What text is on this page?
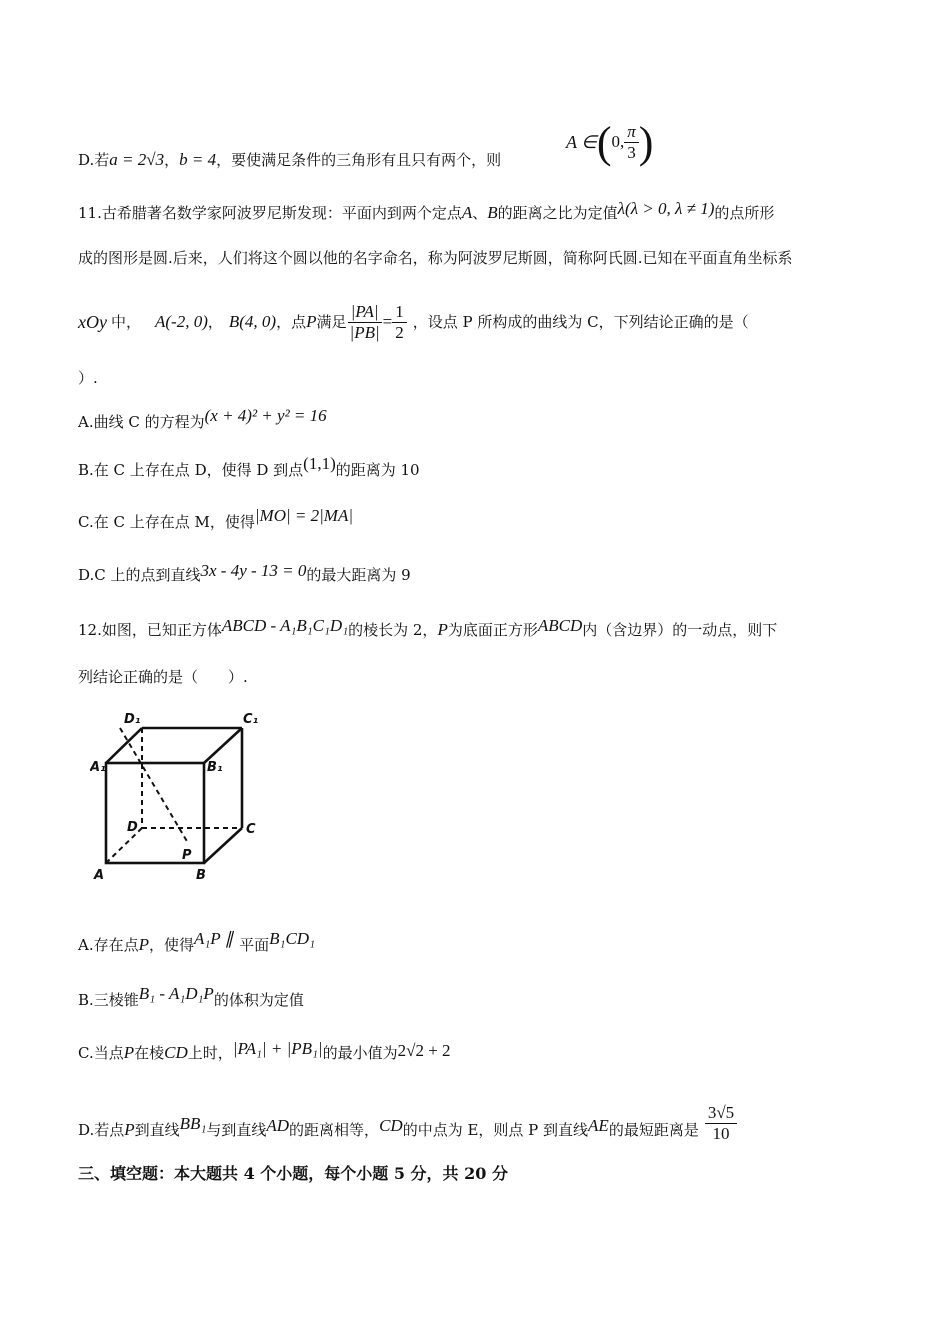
D.若a = 2√3，b = 4，要使满足条件的三角形有且只有两个，则
A ∈ ( 0, $\frac{\pi}{3}$ )
11.古希腊著名数学家阿波罗尼斯发现：平面内到两个定点A、B的距离之比为定值λ(λ > 0, λ ≠ 1)的点所形
成的图形是圆.后来，人们将这个圆以他的名字命名，称为阿波罗尼斯圆，简称阿氏圆.已知在平面直角坐标系
xOy 中， A(-2, 0) ， B(4, 0) ，点 P 满足 $\frac{|PA|}{|PB|} = \frac{1}{2}$ ，设点 P 所构成的曲线为 C，下列结论正确的是（
）.
A.曲线 C 的方程为(x + 4)² + y² = 16
B.在 C 上存在点 D，使得 D 到点(1,1)的距离为 10
C.在 C 上存在点 M，使得|MO| = 2|MA|
D.C 上的点到直线3x - 4y - 13 = 0的最大距离为 9
12.如图，已知正方体ABCD - A₁B₁C₁D₁的棱长为 2，P为底面正方形ABCD内（含边界）的一动点，则下
列结论正确的是（　　）.
D₁	C₁
A₁	B₁
D	C
A	B
P
A.存在点P，使得A₁P ∥ 平面B₁CD₁
B.三棱锥B₁ - A₁D₁P的体积为定值
C.当点P在棱CD上时，|PA₁| + |PB₁|的最小值为2√2 + 2
D.若点 P 到直线 BB₁ 与到直线 AD 的距离相等， CD 的中点为 E，则点 P 到直线 AE 的最短距离是 $\frac{3√5}{10}$
三、填空题：本大题共 4 个小题，每个小题 5 分，共 20 分
